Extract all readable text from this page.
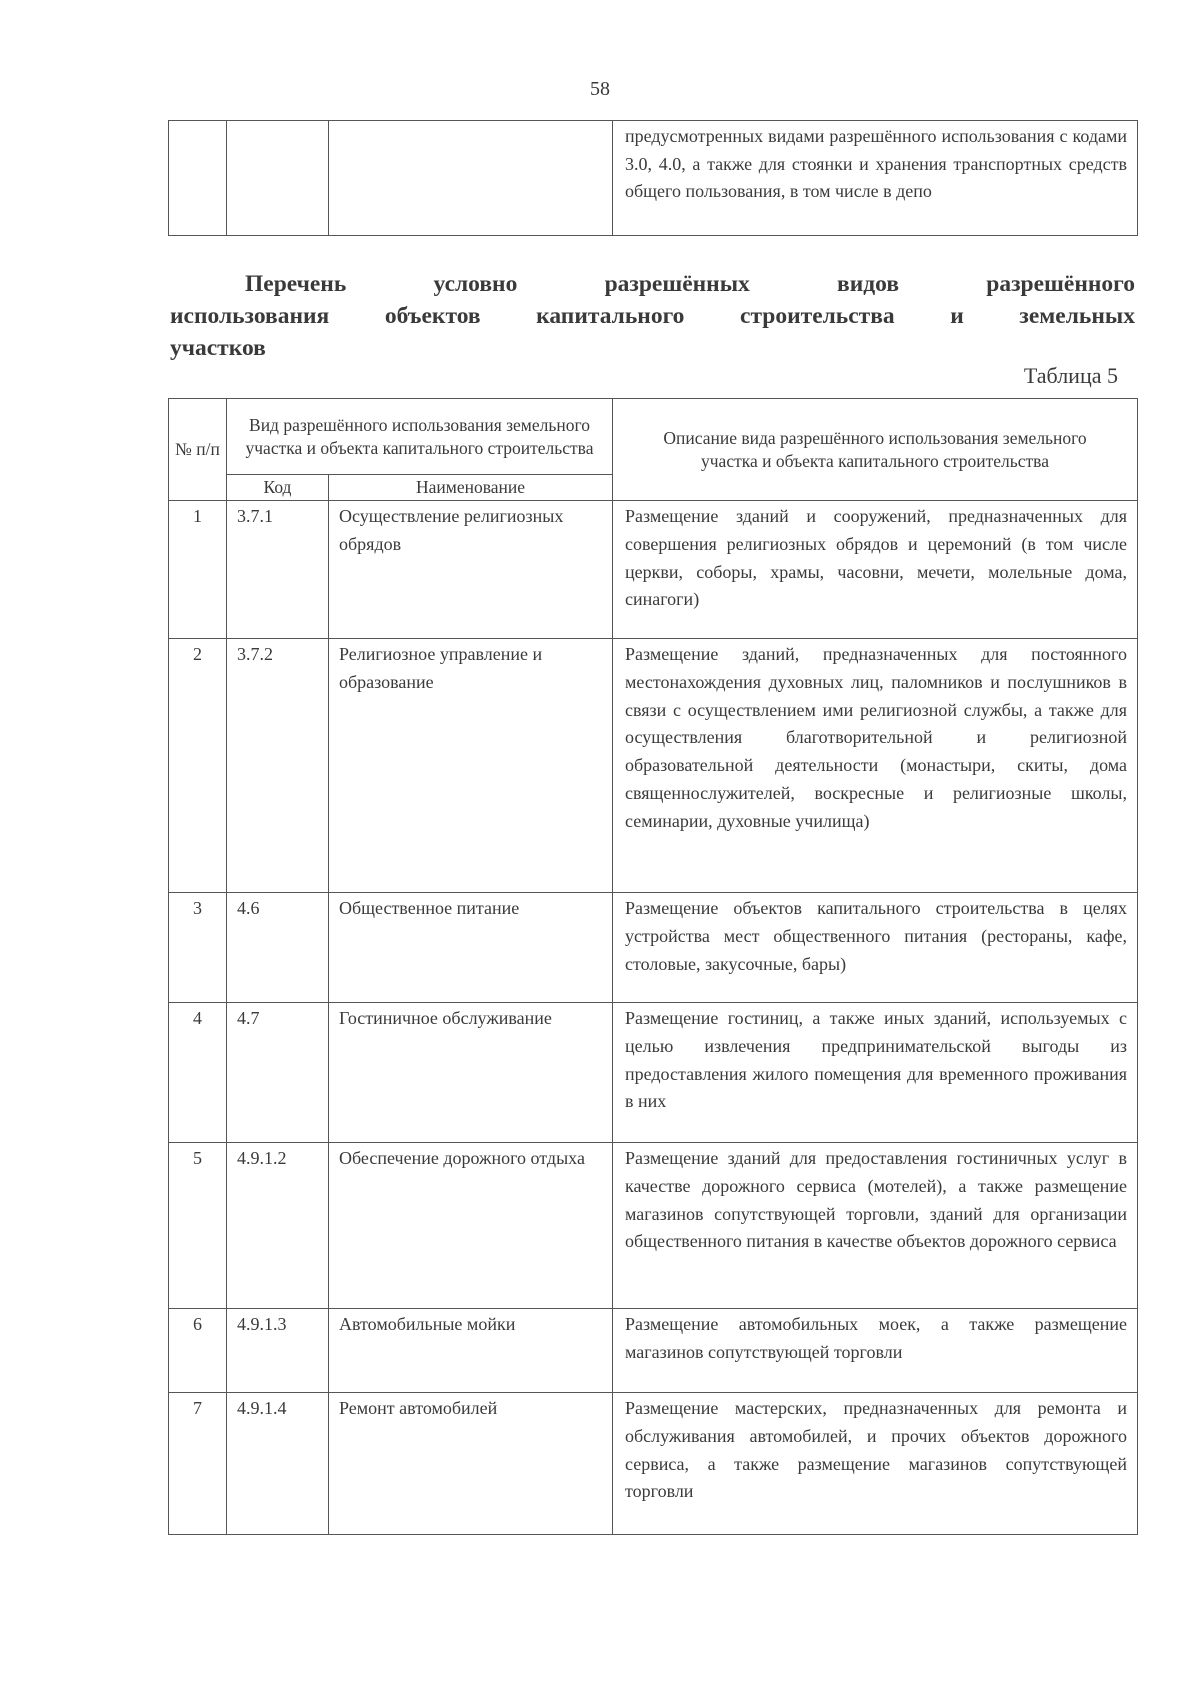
58
			предусмотренных видами разрешённого использования с кодами 3.0, 4.0, а также для стоянки и хранения транспортных средств общего пользования, в том числе в депо
Перечень условно разрешённых видов разрешённого
использования объектов капитального строительства и земельных
участков
Таблица 5
№ п/п	Вид разрешённого использования земельного участка и объекта капитального строительства		Описание вида разрешённого использования земельного участка и объекта капитального строительства
	Код	Наименование	
1	3.7.1	Осуществление религиозных обрядов	Размещение зданий и сооружений, предназначенных для совершения религиозных обрядов и церемоний (в том числе церкви, соборы, храмы, часовни, мечети, молельные дома, синагоги)
2	3.7.2	Религиозное управление и образование	Размещение зданий, предназначенных для постоянного местонахождения духовных лиц, паломников и послушников в связи с осуществлением ими религиозной службы, а также для осуществления благотворительной и религиозной образовательной деятельности (монастыри, скиты, дома священнослужителей, воскресные и религиозные школы, семинарии, духовные училища)
3	4.6	Общественное питание	Размещение объектов капитального строительства в целях устройства мест общественного питания (рестораны, кафе, столовые, закусочные, бары)
4	4.7	Гостиничное обслуживание	Размещение гостиниц, а также иных зданий, используемых с целью извлечения предпринимательской выгоды из предоставления жилого помещения для временного проживания в них
5	4.9.1.2	Обеспечение дорожного отдыха	Размещение зданий для предоставления гостиничных услуг в качестве дорожного сервиса (мотелей), а также размещение магазинов сопутствующей торговли, зданий для организации общественного питания в качестве объектов дорожного сервиса
6	4.9.1.3	Автомобильные мойки	Размещение автомобильных моек, а также размещение магазинов сопутствующей торговли
7	4.9.1.4	Ремонт автомобилей	Размещение мастерских, предназначенных для ремонта и обслуживания автомобилей, и прочих объектов дорожного сервиса, а также размещение магазинов сопутствующей торговли
